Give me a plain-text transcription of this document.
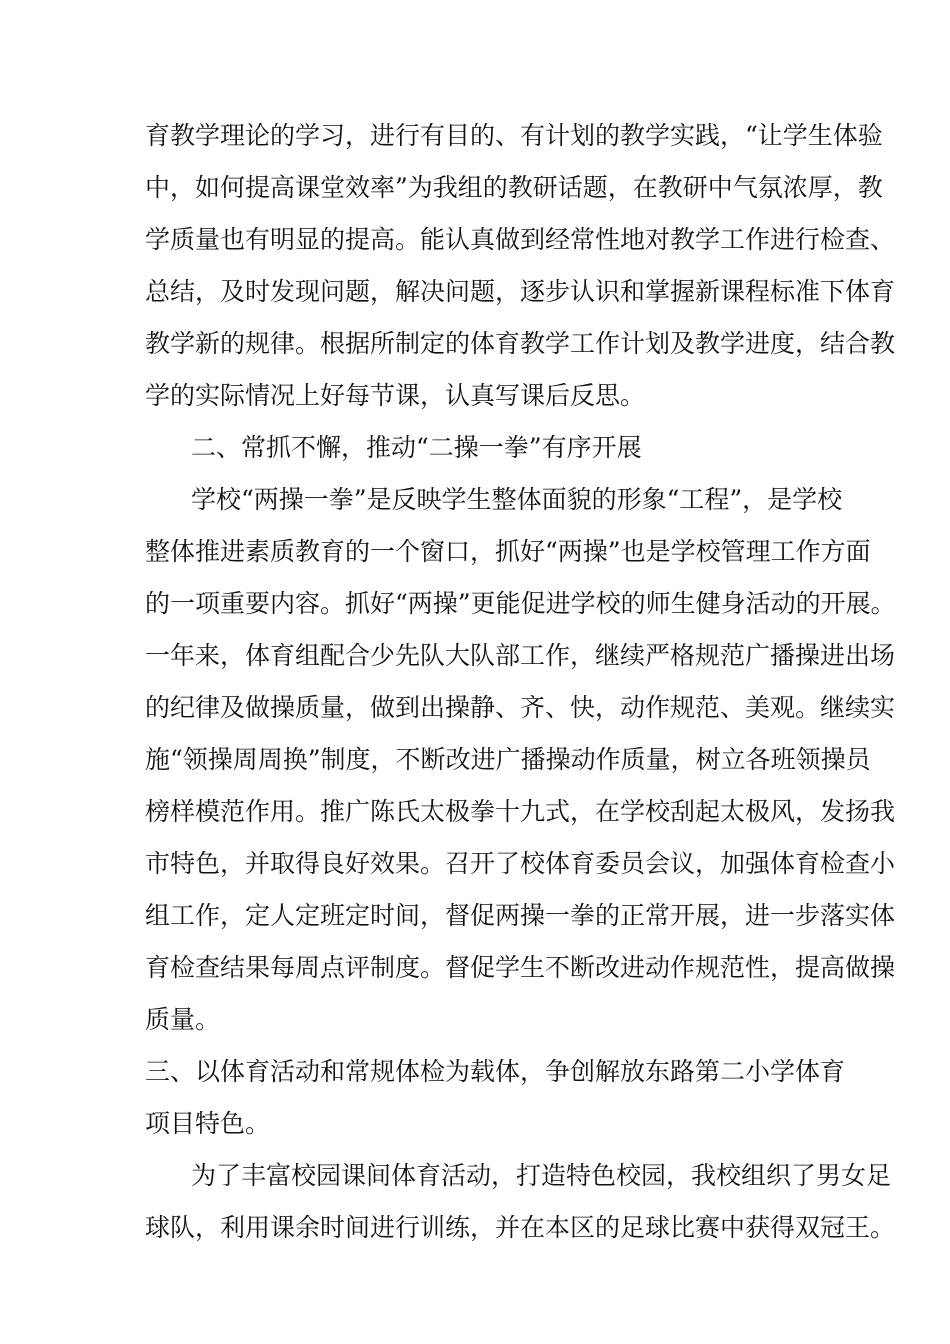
育教学理论的学习，进行有目的、有计划的教学实践，“让学生体验
中，如何提高课堂效率”为我组的教研话题，在教研中气氛浓厚，教
学质量也有明显的提高。能认真做到经常性地对教学工作进行检查、
总结，及时发现问题，解决问题，逐步认识和掌握新课程标准下体育
教学新的规律。根据所制定的体育教学工作计划及教学进度，结合教
学的实际情况上好每节课，认真写课后反思。
二、常抓不懈，推动“二操一拳”有序开展
学校“两操一拳”是反映学生整体面貌的形象“工程”，是学校
整体推进素质教育的一个窗口，抓好“两操”也是学校管理工作方面
的一项重要内容。抓好“两操”更能促进学校的师生健身活动的开展。
一年来，体育组配合少先队大队部工作，继续严格规范广播操进出场
的纪律及做操质量，做到出操静、齐、快，动作规范、美观。继续实
施“领操周周换”制度，不断改进广播操动作质量，树立各班领操员
榜样模范作用。推广陈氏太极拳十九式，在学校刮起太极风，发扬我
市特色，并取得良好效果。召开了校体育委员会议，加强体育检查小
组工作，定人定班定时间，督促两操一拳的正常开展，进一步落实体
育检查结果每周点评制度。督促学生不断改进动作规范性，提高做操
质量。
三、以体育活动和常规体检为载体，争创解放东路第二小学体育
项目特色。
为了丰富校园课间体育活动，打造特色校园，我校组织了男女足
球队，利用课余时间进行训练，并在本区的足球比赛中获得双冠王。
